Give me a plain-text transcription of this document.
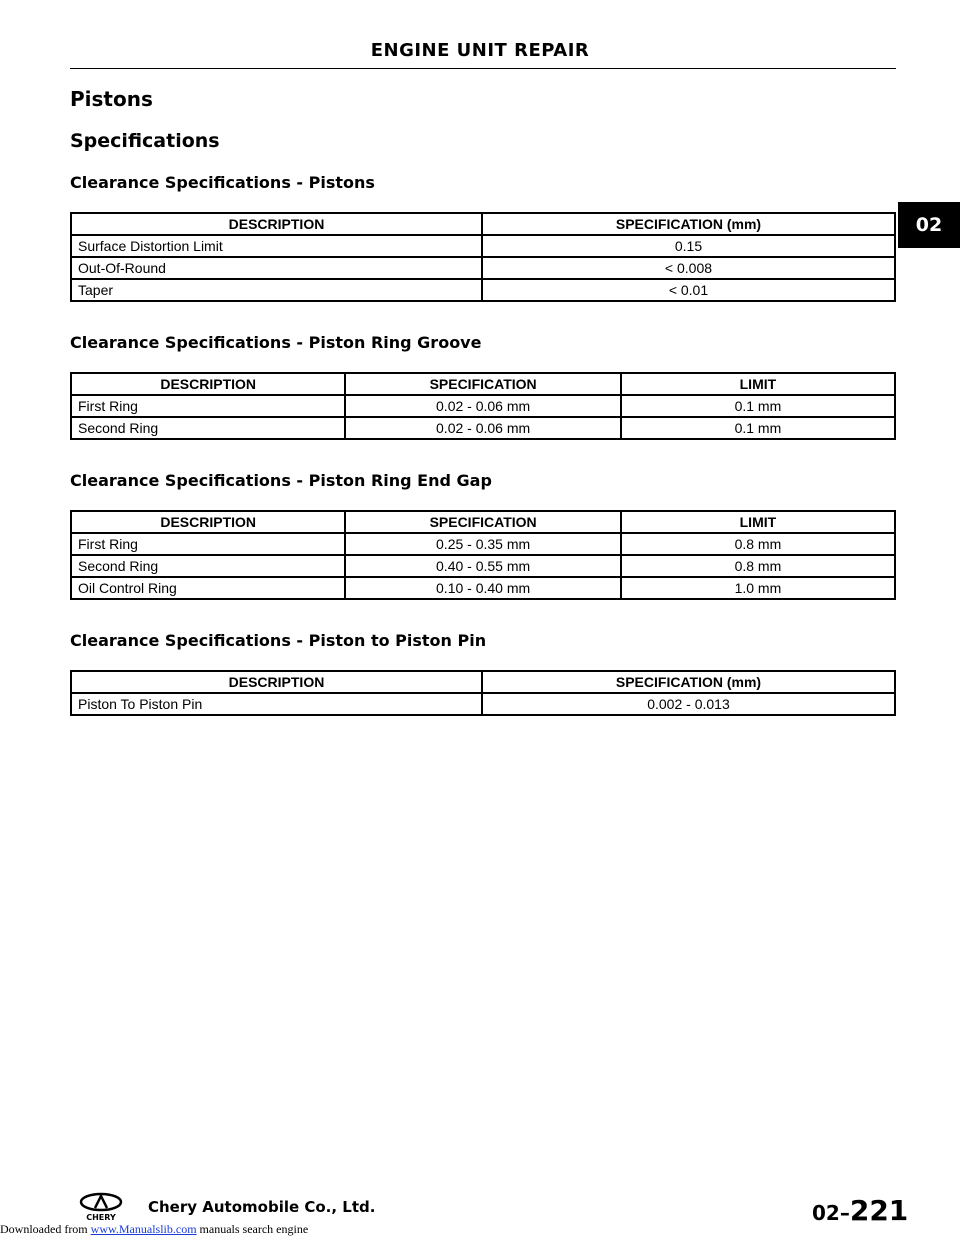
ENGINE UNIT REPAIR
02
Pistons
Specifications
Clearance Specifications - Pistons
DESCRIPTION	SPECIFICATION (mm)
Surface Distortion Limit	0.15
Out-Of-Round	< 0.008
Taper	< 0.01
Clearance Specifications - Piston Ring Groove
DESCRIPTION	SPECIFICATION	LIMIT
First Ring	0.02 - 0.06 mm	0.1 mm
Second Ring	0.02 - 0.06 mm	0.1 mm
Clearance Specifications - Piston Ring End Gap
DESCRIPTION	SPECIFICATION	LIMIT
First Ring	0.25 - 0.35 mm	0.8 mm
Second Ring	0.40 - 0.55 mm	0.8 mm
Oil Control Ring	0.10 - 0.40 mm	1.0 mm
Clearance Specifications - Piston to Piston Pin
DESCRIPTION	SPECIFICATION (mm)
Piston To Piston Pin	0.002 - 0.013
CHERY
Chery Automobile Co., Ltd.	02–221
Downloaded from www.Manualslib.com manuals search engine
